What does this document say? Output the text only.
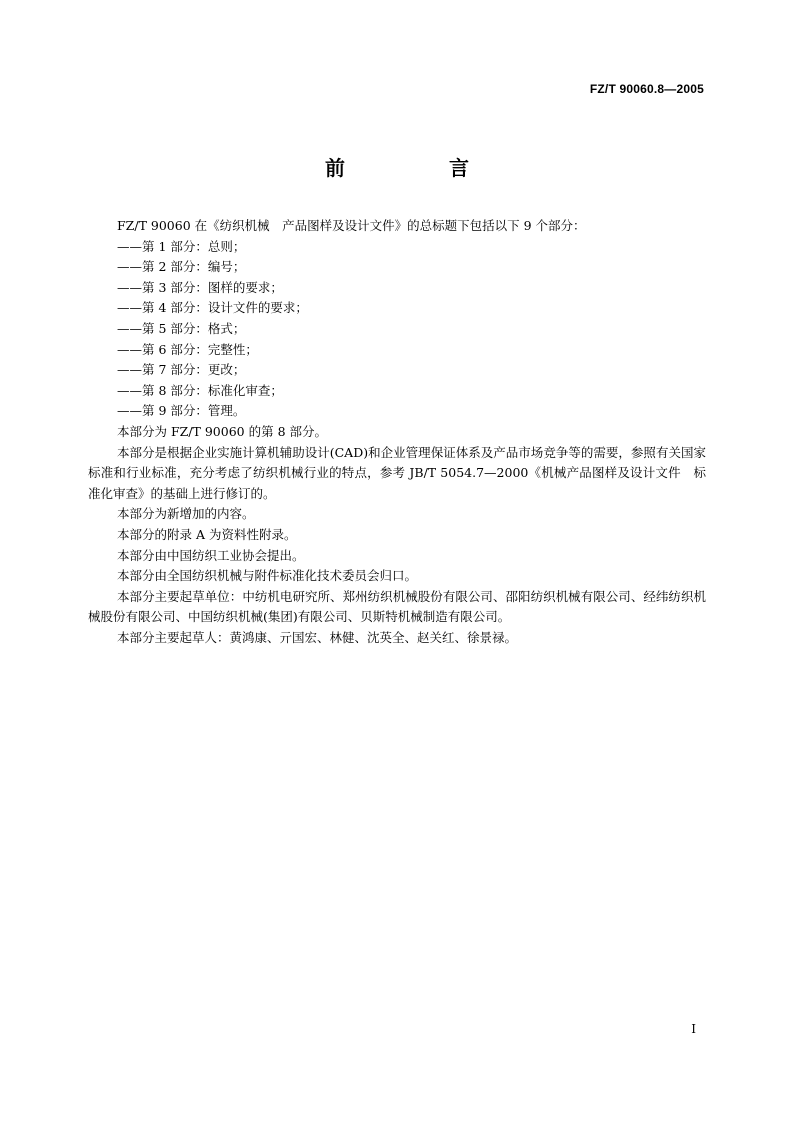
FZ/T 90060.8—2005
前　言

FZ/T 90060 在《纺织机械　产品图样及设计文件》的总标题下包括以下 9 个部分：

——第 1 部分：总则；

——第 2 部分：编号；

——第 3 部分：图样的要求；

——第 4 部分：设计文件的要求；

——第 5 部分：格式；

——第 6 部分：完整性；

——第 7 部分：更改；

——第 8 部分：标准化审查；

——第 9 部分：管理。

本部分为 FZ/T 90060 的第 8 部分。

本部分是根据企业实施计算机辅助设计(CAD)和企业管理保证体系及产品市场竞争等的需要，参照有关国家标准和行业标准，充分考虑了纺织机械行业的特点，参考 JB/T 5054.7—2000《机械产品图样及设计文件　标准化审查》的基础上进行修订的。

本部分为新增加的内容。

本部分的附录 A 为资料性附录。

本部分由中国纺织工业协会提出。

本部分由全国纺织机械与附件标准化技术委员会归口。

本部分主要起草单位：中纺机电研究所、郑州纺织机械股份有限公司、邵阳纺织机械有限公司、经纬纺织机械股份有限公司、中国纺织机械(集团)有限公司、贝斯特机械制造有限公司。

本部分主要起草人：黄鸿康、亓国宏、林健、沈英全、赵关红、徐景禄。

I
